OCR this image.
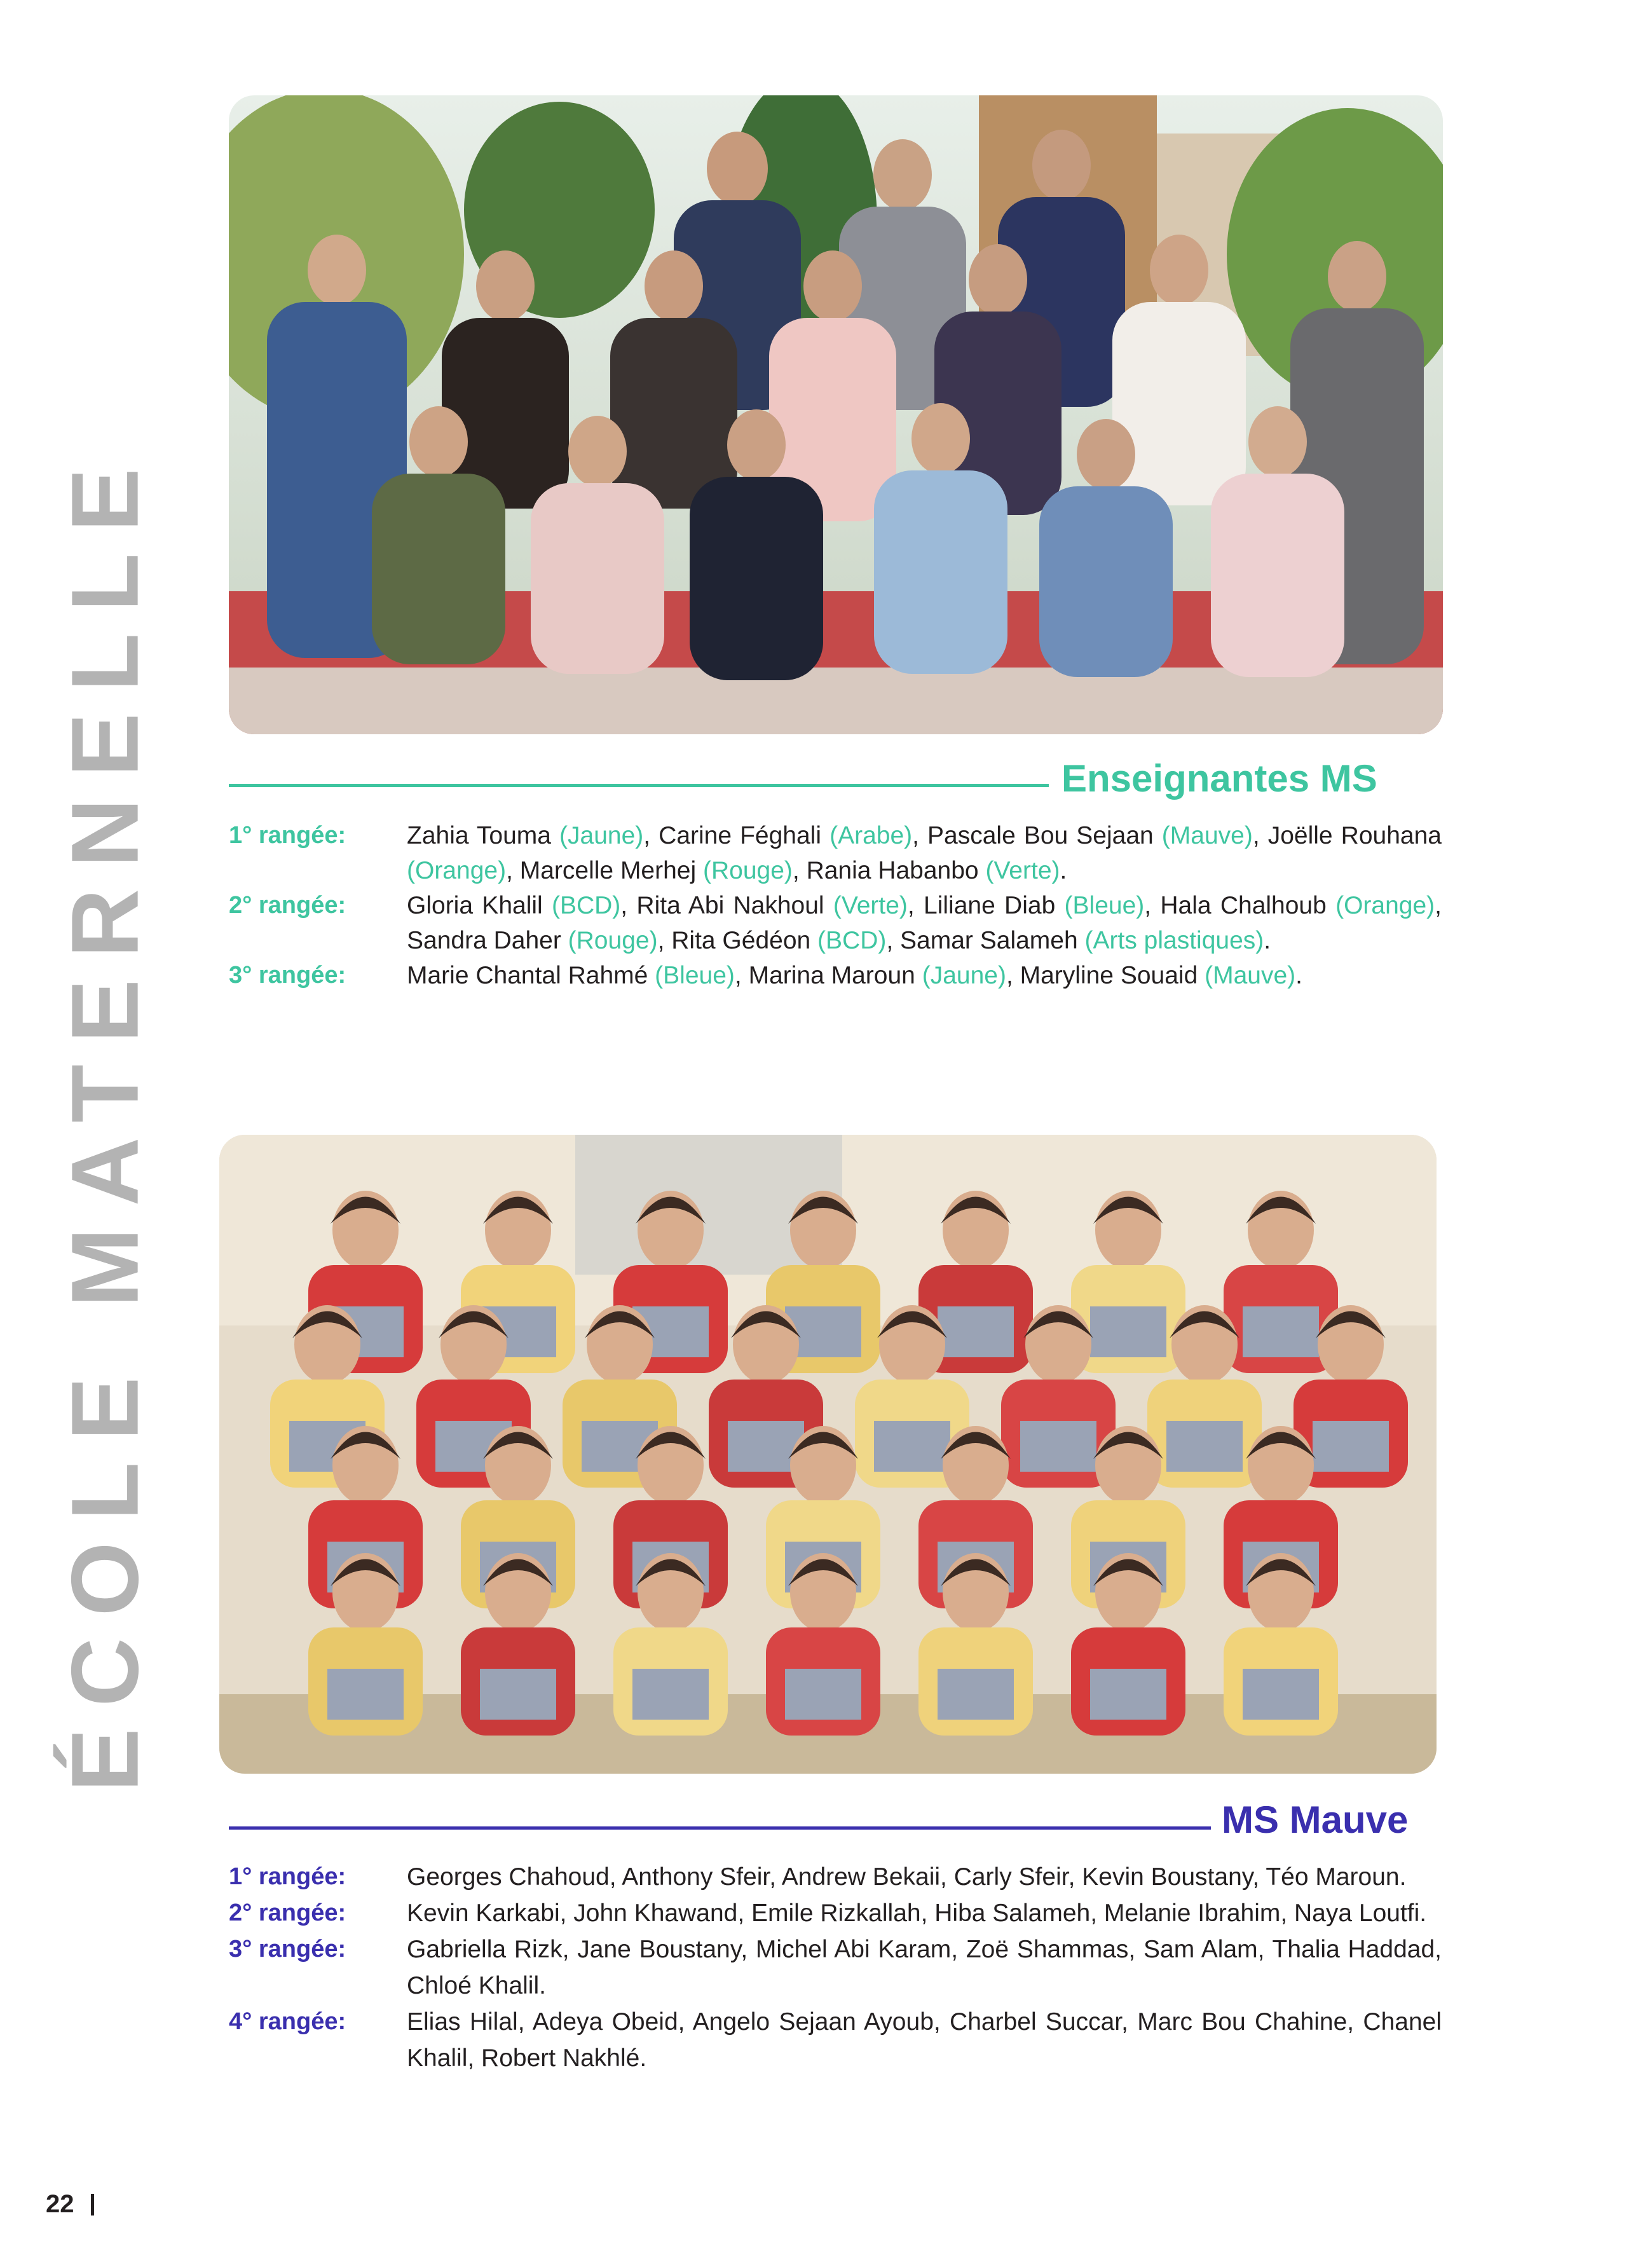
ÉCOLE MATERNELLE	Enseignantes MS
1° rangée:	Zahia Touma (Jaune), Carine Féghali (Arabe), Pascale Bou Sejaan (Mauve), Joëlle Rouhana (Orange), Marcelle Merhej (Rouge), Rania Habanbo (Verte).
2° rangée:	Gloria Khalil (BCD), Rita Abi Nakhoul (Verte), Liliane Diab (Bleue), Hala Chalhoub (Orange), Sandra Daher (Rouge), Rita Gédéon (BCD), Samar Salameh (Arts plastiques).
3° rangée:	Marie Chantal Rahmé (Bleue), Marina Maroun (Jaune), Maryline Souaid (Mauve).
MS Mauve
1° rangée:	Georges Chahoud, Anthony Sfeir, Andrew Bekaii, Carly Sfeir, Kevin Boustany, Téo Maroun.
2° rangée:	Kevin Karkabi, John Khawand, Emile Rizkallah, Hiba Salameh, Melanie Ibrahim, Naya Loutfi.
3° rangée:	Gabriella Rizk, Jane Boustany, Michel Abi Karam, Zoë Shammas, Sam Alam, Thalia Haddad, Chloé Khalil.
4° rangée:	Elias Hilal, Adeya Obeid, Angelo Sejaan Ayoub, Charbel Succar, Marc Bou Chahine, Chanel Khalil, Robert Nakhlé.
22
